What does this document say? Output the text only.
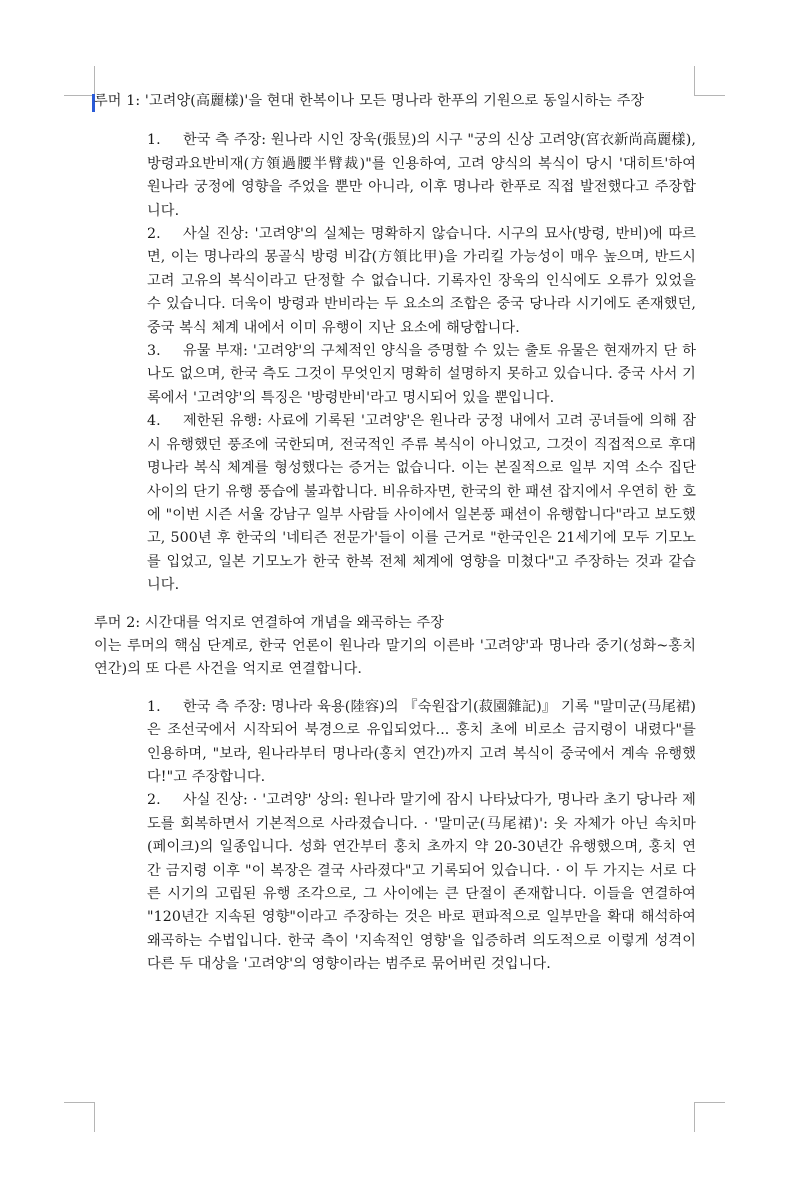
루머 1: '고려양(高麗樣)'을 현대 한복이나 모든 명나라 한푸의 기원으로 동일시하는 주장

1. 한국 측 주장: 원나라 시인 장욱(張昱)의 시구 "궁의 신상 고려양(宮衣新尚高麗樣), 방령과요반비재(方領過腰半臂裁)"를 인용하여, 고려 양식의 복식이 당시 '대히트'하여 원나라 궁정에 영향을 주었을 뿐만 아니라, 이후 명나라 한푸로 직접 발전했다고 주장합니다.
2. 사실 진상: '고려양'의 실체는 명확하지 않습니다. 시구의 묘사(방령, 반비)에 따르면, 이는 명나라의 몽골식 방령 비갑(方領比甲)을 가리킬 가능성이 매우 높으며, 반드시 고려 고유의 복식이라고 단정할 수 없습니다. 기록자인 장욱의 인식에도 오류가 있었을 수 있습니다. 더욱이 방령과 반비라는 두 요소의 조합은 중국 당나라 시기에도 존재했던, 중국 복식 체계 내에서 이미 유행이 지난 요소에 해당합니다.
3. 유물 부재: '고려양'의 구체적인 양식을 증명할 수 있는 출토 유물은 현재까지 단 하나도 없으며, 한국 측도 그것이 무엇인지 명확히 설명하지 못하고 있습니다. 중국 사서 기록에서 '고려양'의 특징은 '방령반비'라고 명시되어 있을 뿐입니다.
4. 제한된 유행: 사료에 기록된 '고려양'은 원나라 궁정 내에서 고려 공녀들에 의해 잠시 유행했던 풍조에 국한되며, 전국적인 주류 복식이 아니었고, 그것이 직접적으로 후대 명나라 복식 체계를 형성했다는 증거는 없습니다. 이는 본질적으로 일부 지역 소수 집단 사이의 단기 유행 풍습에 불과합니다. 비유하자면, 한국의 한 패션 잡지에서 우연히 한 호에 "이번 시즌 서울 강남구 일부 사람들 사이에서 일본풍 패션이 유행합니다"라고 보도했고, 500년 후 한국의 '네티즌 전문가'들이 이를 근거로 "한국인은 21세기에 모두 기모노를 입었고, 일본 기모노가 한국 한복 전체 체계에 영향을 미쳤다"고 주장하는 것과 같습니다.

루머 2: 시간대를 억지로 연결하여 개념을 왜곡하는 주장

이는 루머의 핵심 단계로, 한국 언론이 원나라 말기의 이른바 '고려양'과 명나라 중기(성화~홍치 연간)의 또 다른 사건을 억지로 연결합니다.

1. 한국 측 주장: 명나라 육용(陸容)의 『숙원잡기(菽園雜記)』 기록 "말미군(马尾裙)은 조선국에서 시작되어 북경으로 유입되었다... 홍치 초에 비로소 금지령이 내렸다"를 인용하며, "보라, 원나라부터 명나라(홍치 연간)까지 고려 복식이 중국에서 계속 유행했다!"고 주장합니다.
2. 사실 진상: · '고려양' 상의: 원나라 말기에 잠시 나타났다가, 명나라 초기 당나라 제도를 회복하면서 기본적으로 사라졌습니다. · '말미군(马尾裙)': 옷 자체가 아닌 속치마(페이크)의 일종입니다. 성화 연간부터 홍치 초까지 약 20-30년간 유행했으며, 홍치 연간 금지령 이후 "이 복장은 결국 사라졌다"고 기록되어 있습니다. · 이 두 가지는 서로 다른 시기의 고립된 유행 조각으로, 그 사이에는 큰 단절이 존재합니다. 이들을 연결하여 "120년간 지속된 영향"이라고 주장하는 것은 바로 편파적으로 일부만을 확대 해석하여 왜곡하는 수법입니다. 한국 측이 '지속적인 영향'을 입증하려 의도적으로 이렇게 성격이 다른 두 대상을 '고려양'의 영향이라는 범주로 묶어버린 것입니다.
